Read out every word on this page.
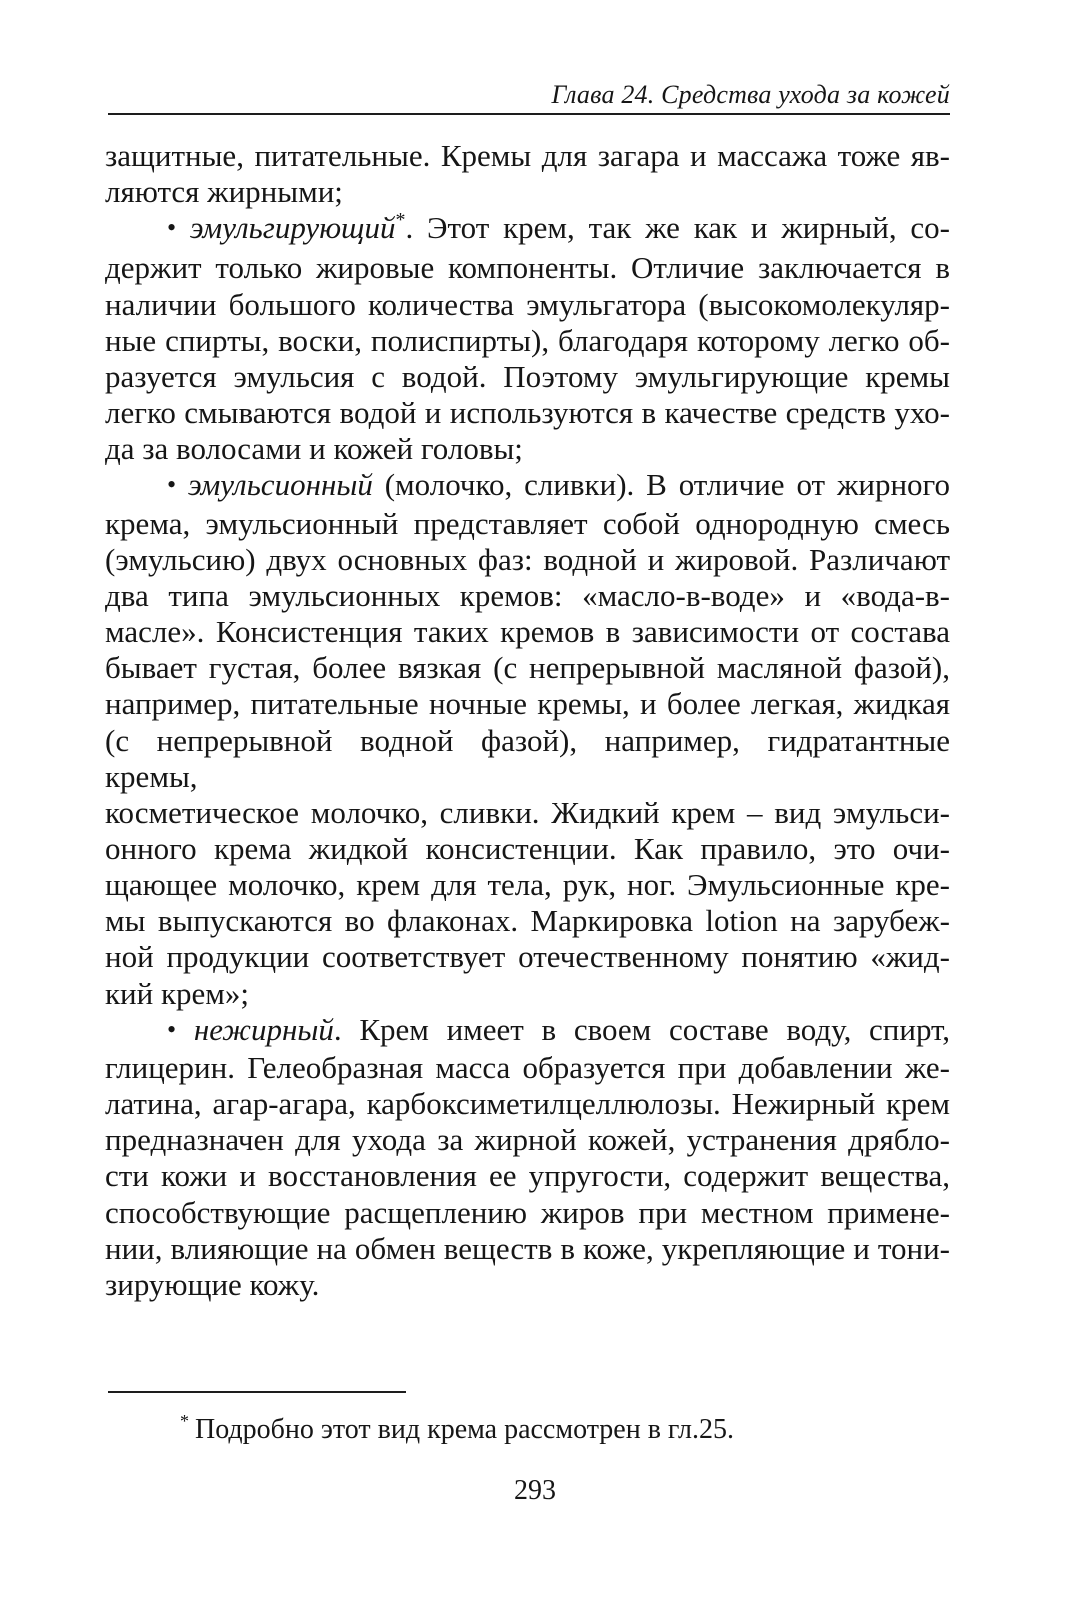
Глава 24. Средства ухода за кожей

защитные, питательные. Кремы для загара и массажа тоже яв-

ляются жирными;

• эмульгирующий*. Этот крем, так же как и жирный, со-

держит только жировые компоненты. Отличие заключается в

наличии большого количества эмульгатора (высокомолекуляр-

ные спирты, воски, полиспирты), благодаря которому легко об-

разуется эмульсия с водой. Поэтому эмульгирующие кремы

легко смываются водой и используются в качестве средств ухо-

да за волосами и кожей головы;

• эмульсионный (молочко, сливки). В отличие от жирного

крема, эмульсионный представляет собой однородную смесь

(эмульсию) двух основных фаз: водной и жировой. Различают

два типа эмульсионных кремов: «масло-в-воде» и «вода-в-

масле». Консистенция таких кремов в зависимости от состава

бывает густая, более вязкая (с непрерывной масляной фазой),

например, питательные ночные кремы, и более легкая, жидкая

(с непрерывной водной фазой), например, гидратантные кремы,

косметическое молочко, сливки. Жидкий крем – вид эмульси-

онного крема жидкой консистенции. Как правило, это очи-

щающее молочко, крем для тела, рук, ног. Эмульсионные кре-

мы выпускаются во флаконах. Маркировка lotion на зарубеж-

ной продукции соответствует отечественному понятию «жид-

кий крем»;

• нежирный. Крем имеет в своем составе воду, спирт,

глицерин. Гелеобразная масса образуется при добавлении же-

латина, агар-агара, карбоксиметилцеллюлозы. Нежирный крем

предназначен для ухода за жирной кожей, устранения дрябло-

сти кожи и восстановления ее упругости, содержит вещества,

способствующие расщеплению жиров при местном примене-

нии, влияющие на обмен веществ в коже, укрепляющие и тони-

зирующие кожу.

* Подробно этот вид крема рассмотрен в гл.25.
293
